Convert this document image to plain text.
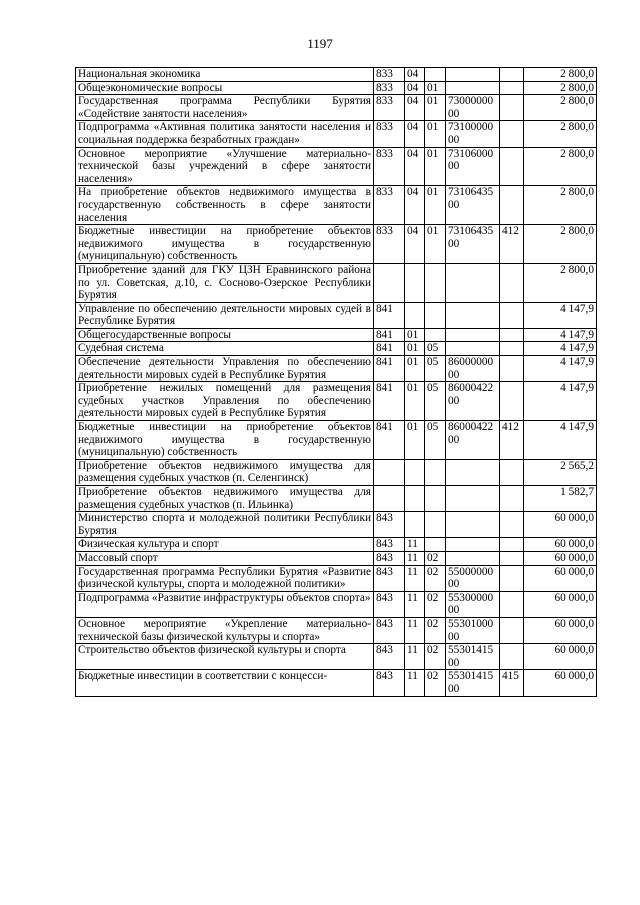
1197
Национальная экономика	833	04				2 800,0
Общеэкономические вопросы	833	04	01			2 800,0
Государственная программа Республики Бурятия «Содействие занятости населения»	833	04	01	7300000000		2 800,0
Подпрограмма «Активная политика занятости населения и социальная поддержка безработных граждан»	833	04	01	7310000000		2 800,0
Основное мероприятие «Улучшение материально-технической базы учреждений в сфере занятости населения»	833	04	01	7310600000		2 800,0
На приобретение объектов недвижимого имущества в государственную собственность в сфере занятости населения	833	04	01	7310643500		2 800,0
Бюджетные инвестиции на приобретение объектов недвижимого имущества в государственную (муниципальную) собственность	833	04	01	7310643500	412	2 800,0
Приобретение зданий для ГКУ ЦЗН Еравнинского района по ул. Советская, д.10, с. Сосново-Озерское Республики Бурятия						2 800,0
Управление по обеспечению деятельности мировых судей в Республике Бурятия	841					4 147,9
Общегосударственные вопросы	841	01				4 147,9
Судебная система	841	01	05			4 147,9
Обеспечение деятельности Управления по обеспечению деятельности мировых судей в Республике Бурятия	841	01	05	8600000000		4 147,9
Приобретение нежилых помещений для размещения судебных участков Управления по обеспечению деятельности мировых судей в Республике Бурятия	841	01	05	8600042200		4 147,9
Бюджетные инвестиции на приобретение объектов недвижимого имущества в государственную (муниципальную) собственность	841	01	05	8600042200	412	4 147,9
Приобретение объектов недвижимого имущества для размещения судебных участков (п. Селенгинск)						2 565,2
Приобретение объектов недвижимого имущества для размещения судебных участков (п. Ильинка)						1 582,7
Министерство спорта и молодежной политики Республики Бурятия	843					60 000,0
Физическая культура и спорт	843	11				60 000,0
Массовый спорт	843	11	02			60 000,0
Государственная программа Республики Бурятия «Развитие физической культуры, спорта и молодежной политики»	843	11	02	5500000000		60 000,0
Подпрограмма «Развитие инфраструктуры объектов спорта»	843	11	02	5530000000		60 000,0
Основное мероприятие «Укрепление материально-технической базы физической культуры и спорта»	843	11	02	5530100000		60 000,0
Строительство объектов физической культуры и спорта	843	11	02	5530141500		60 000,0
Бюджетные инвестиции в соответствии с концесси-	843	11	02	5530141500	415	60 000,0
